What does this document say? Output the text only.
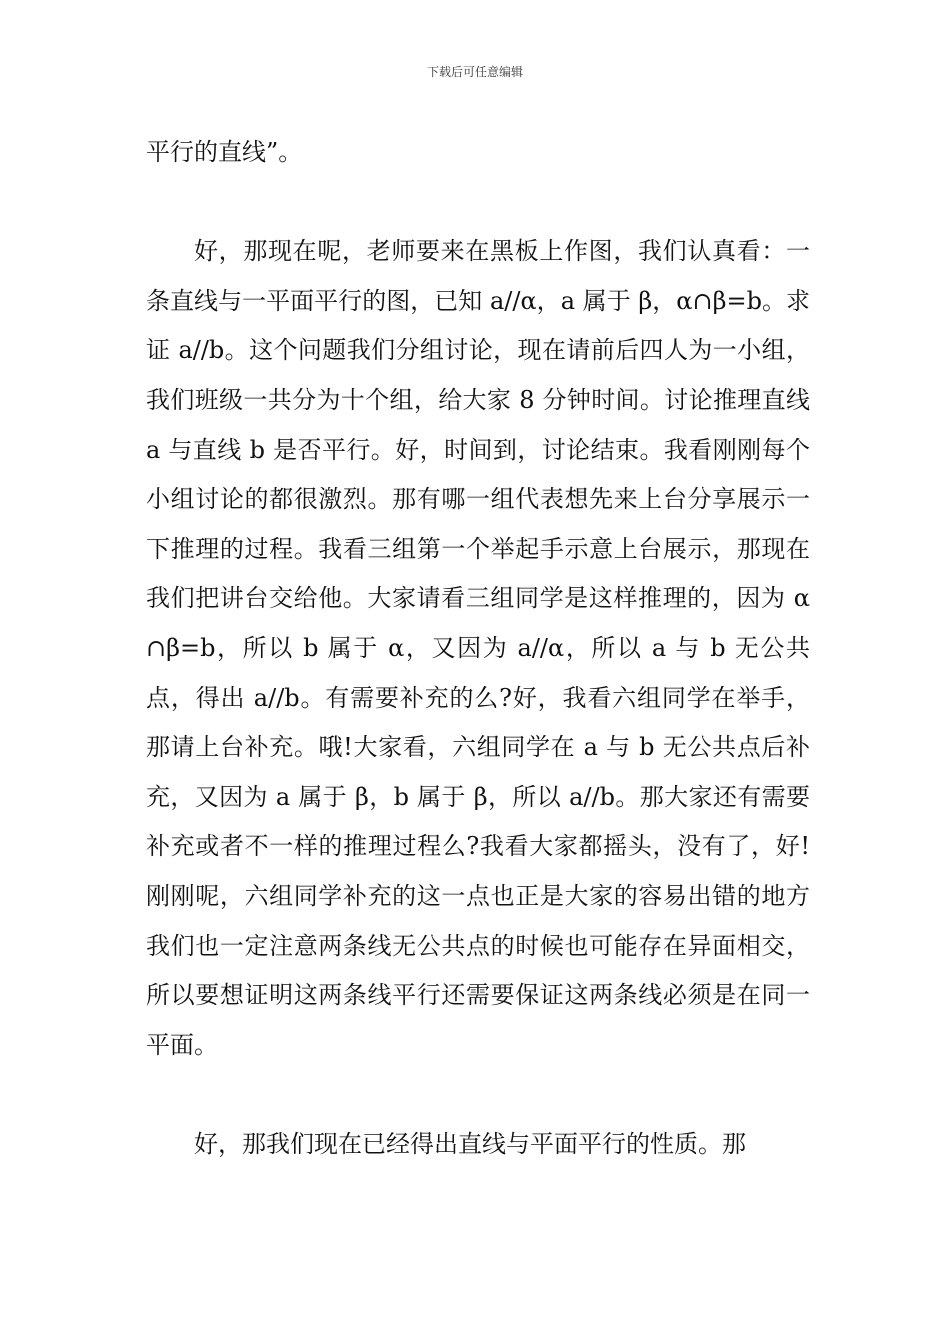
下载后可任意编辑

平行的直线”。

好，那现在呢，老师要来在黑板上作图，我们认真看：一条直线与一平面平行的图，已知 a//α，a 属于 β，α∩β=b。求证 a//b。这个问题我们分组讨论，现在请前后四人为一小组，我们班级一共分为十个组，给大家 8 分钟时间。讨论推理直线 a 与直线 b 是否平行。好，时间到，讨论结束。我看刚刚每个小组讨论的都很激烈。那有哪一组代表想先来上台分享展示一下推理的过程。我看三组第一个举起手示意上台展示，那现在我们把讲台交给他。大家请看三组同学是这样推理的，因为 α∩β=b，所以 b 属于 α，又因为 a//α，所以 a 与 b 无公共点，得出 a//b。有需要补充的么?好，我看六组同学在举手，那请上台补充。哦!大家看，六组同学在 a 与 b 无公共点后补充，又因为 a 属于 β，b 属于 β，所以 a//b。那大家还有需要补充或者不一样的推理过程么?我看大家都摇头，没有了，好!刚刚呢，六组同学补充的这一点也正是大家的容易出错的地方我们也一定注意两条线无公共点的时候也可能存在异面相交，所以要想证明这两条线平行还需要保证这两条线必须是在同一平面。

好，那我们现在已经得出直线与平面平行的性质。那
